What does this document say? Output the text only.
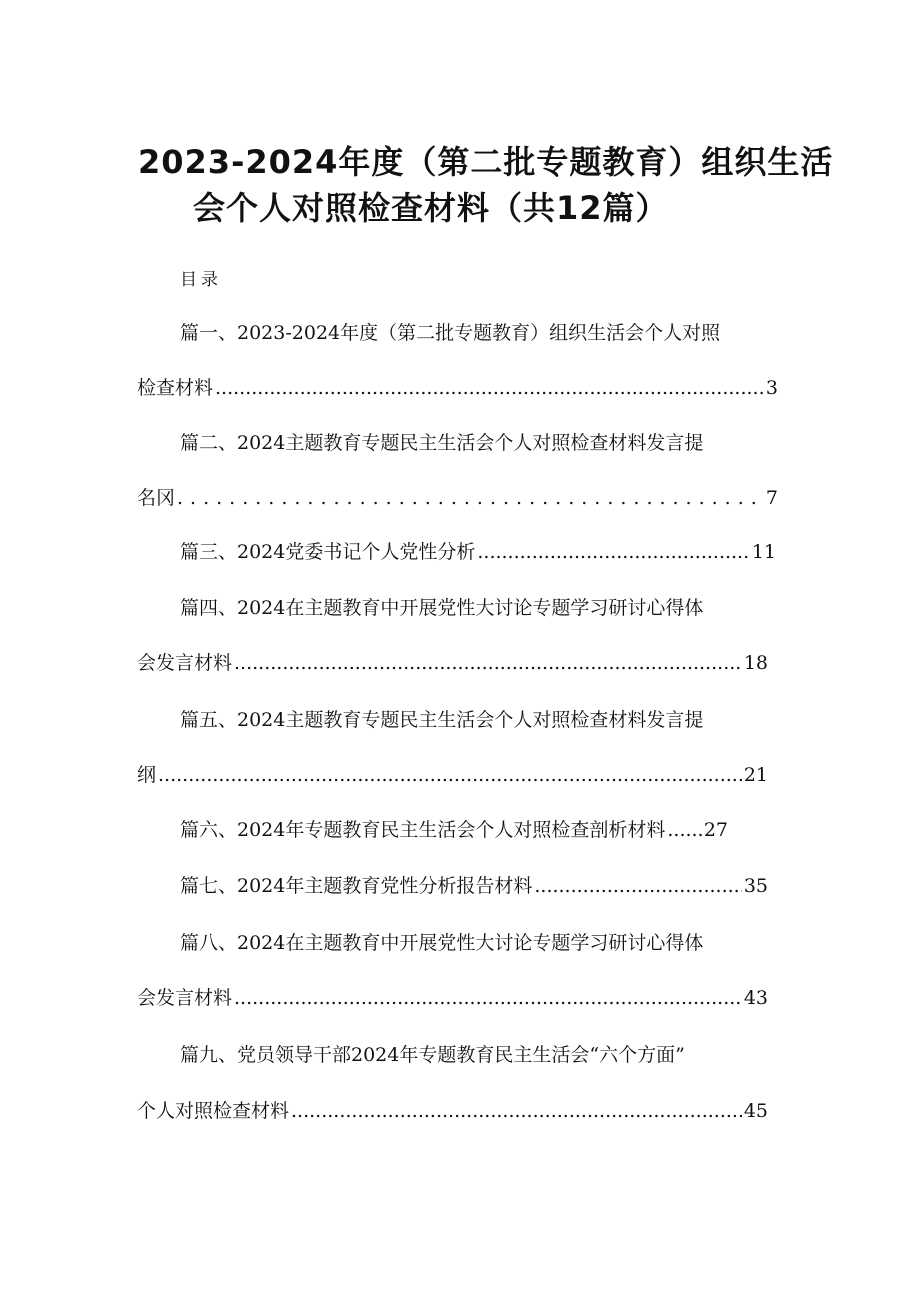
2023-2024年度（第二批专题教育）组织生活
会个人对照检查材料（共12篇）
目录
篇一、2023-2024年度（第二批专题教育）组织生活会个人对照
检查材料 .....	3
篇二、2024主题教育专题民主生活会个人对照检查材料发言提
名冈 .....	7
篇三、2024党委书记个人党性分析 .....	11
篇四、2024在主题教育中开展党性大讨论专题学习研讨心得体
会发言材料 .....	18
篇五、2024主题教育专题民主生活会个人对照检查材料发言提
纲 .....	21
篇六、2024年专题教育民主生活会个人对照检查剖析材料 ..... 27
篇七、2024年主题教育党性分析报告材料 .....	35
篇八、2024在主题教育中开展党性大讨论专题学习研讨心得体
会发言材料 .....	43
篇九、党员领导干部2024年专题教育民主生活会“六个方面”
个人对照检查材料 .....	45
